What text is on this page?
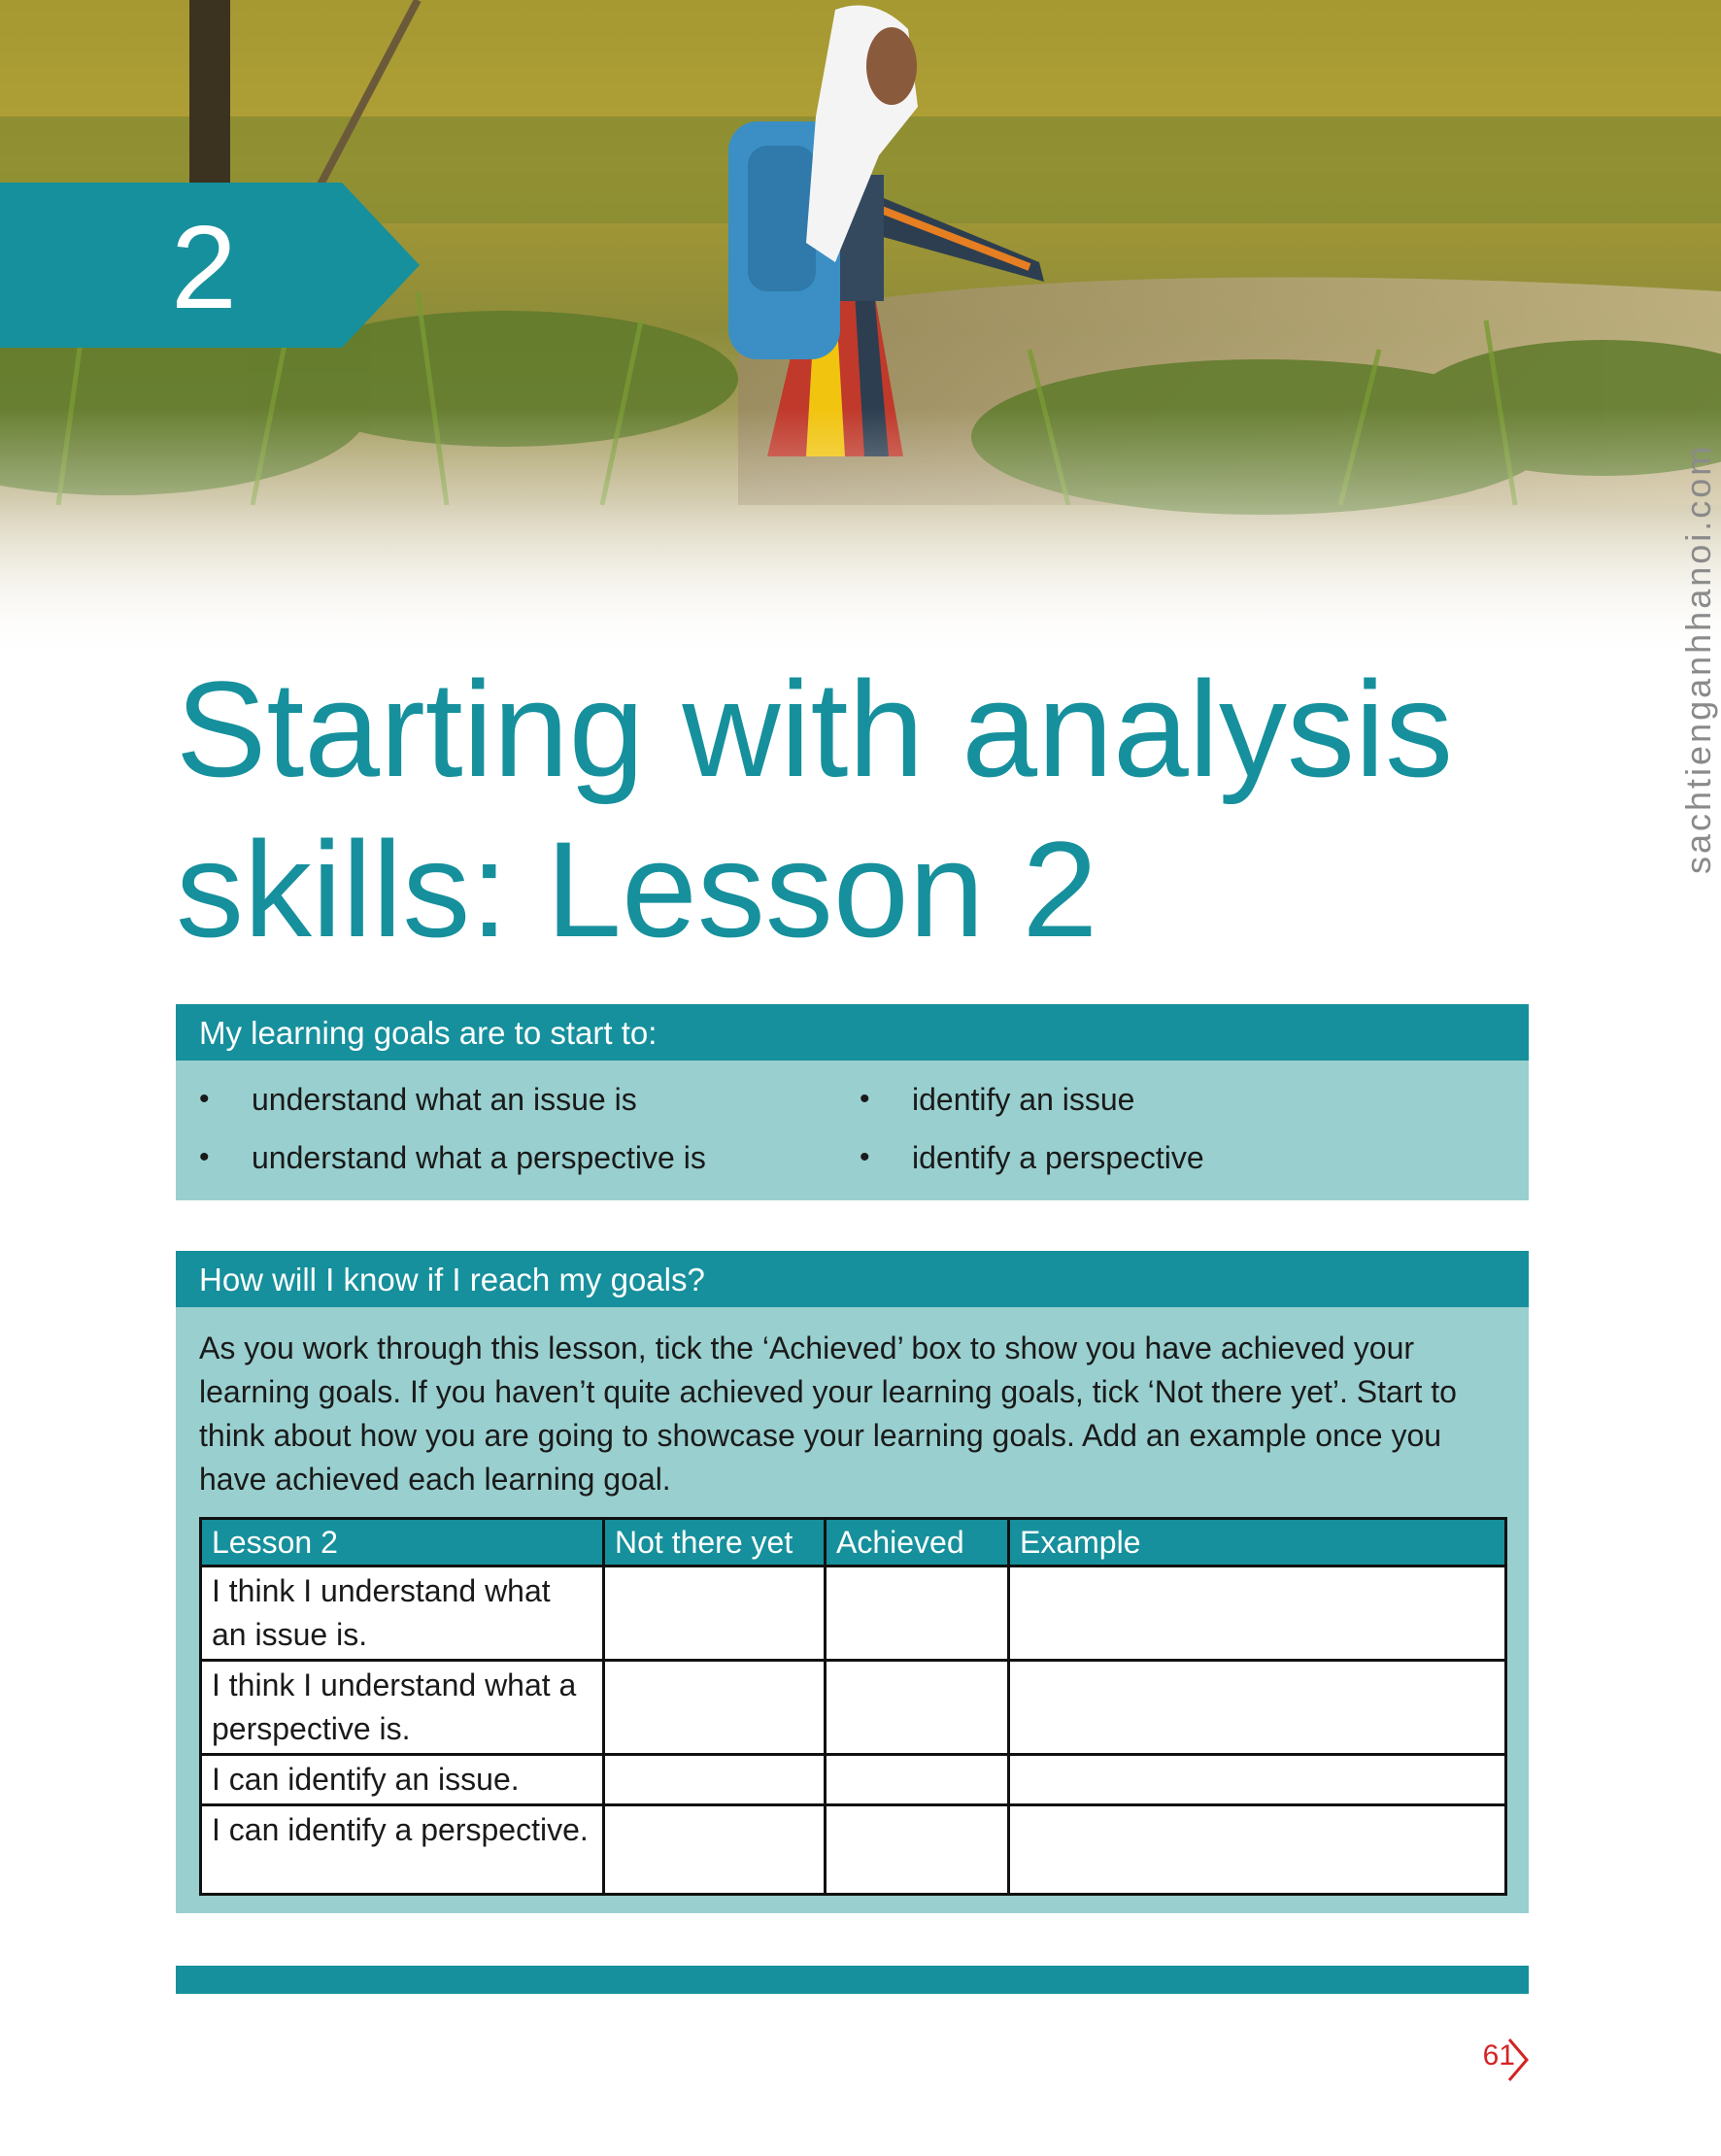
2
Starting with analysis
skills: Lesson 2
sachtienganhhanoi.com
My learning goals are to start to:
• understand what an issue is
• understand what a perspective is
• identify an issue
• identify a perspective
How will I know if I reach my goals?

As you work through this lesson, tick the ‘Achieved’ box to show you have achieved your learning goals. If you haven’t quite achieved your learning goals, tick ‘Not there yet’. Start to think about how you are going to showcase your learning goals. Add an example once you have achieved each learning goal.

Lesson 2	Not there yet	Achieved	Example
I think I understand what an issue is.			
I think I understand what a perspective is.			
I can identify an issue.			
I can identify a perspective.			
61
